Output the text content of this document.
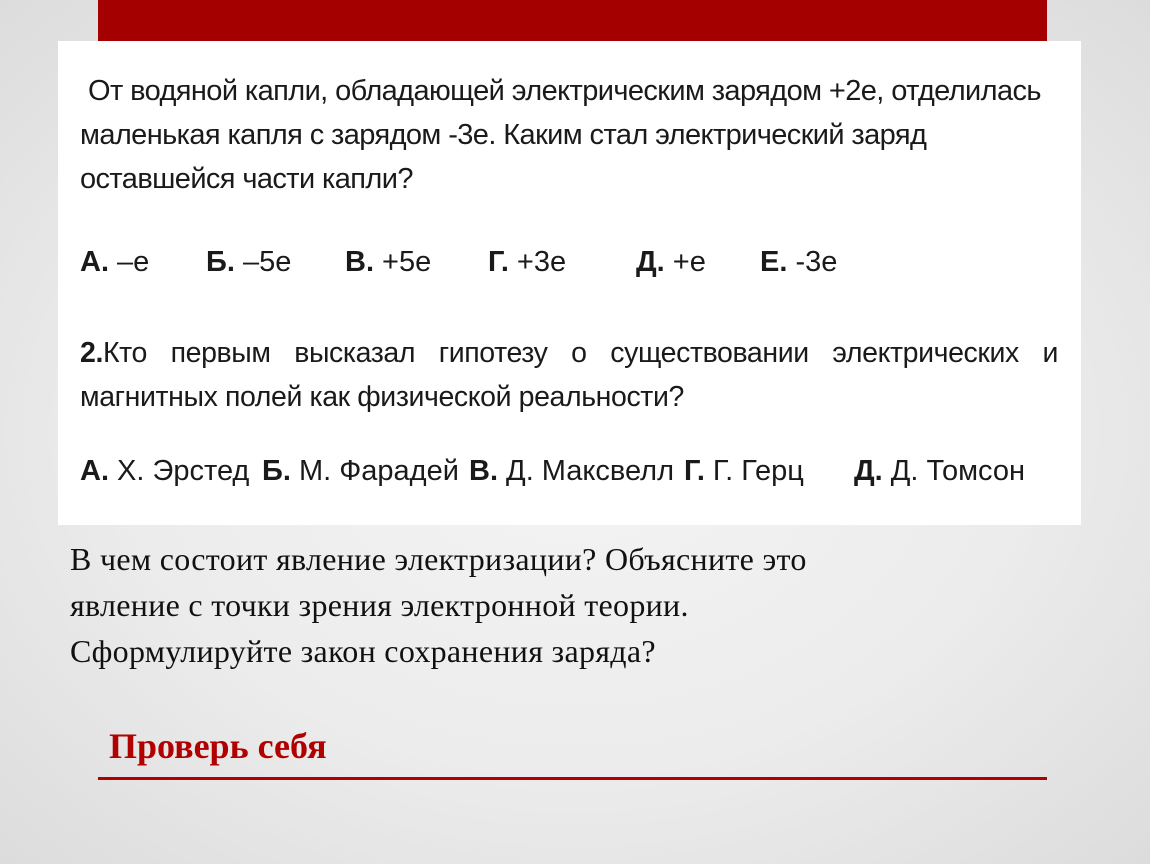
От водяной капли, обладающей электрическим зарядом +2е, отделилась
маленькая капля с зарядом -3е. Каким стал электрический заряд
оставшейся части капли?
А. –е Б. –5е В. +5е Г. +3е Д. +е Е. -3е
2.Кто первым высказал гипотезу о существовании электрических и
магнитных полей как физической реальности?
А. Х. Эрстед Б. М. Фарадей В. Д. Максвелл Г. Г. Герц Д. Д. Томсон
В чем состоит явление электризации? Объясните это
явление с точки зрения электронной теории.
Сформулируйте закон сохранения заряда?
Проверь себя
